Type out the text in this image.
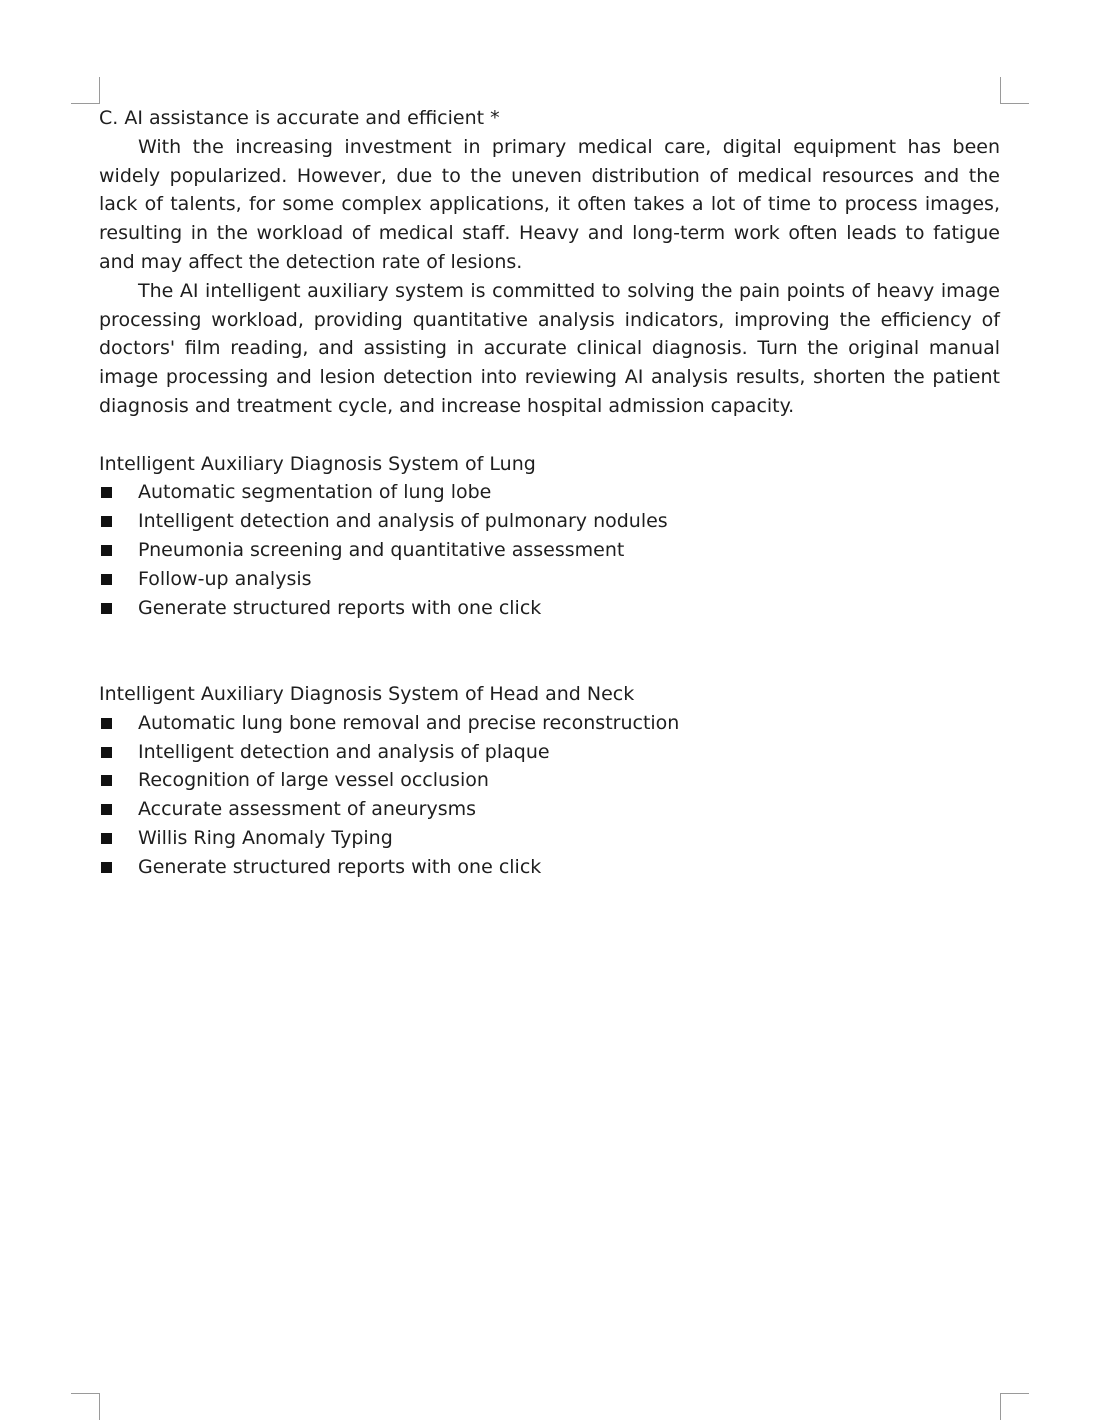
C. AI assistance is accurate and efficient *

With the increasing investment in primary medical care, digital equipment has been widely popularized. However, due to the uneven distribution of medical resources and the lack of talents, for some complex applications, it often takes a lot of time to process images, resulting in the workload of medical staff. Heavy and long-term work often leads to fatigue and may affect the detection rate of lesions.

The AI intelligent auxiliary system is committed to solving the pain points of heavy image processing workload, providing quantitative analysis indicators, improving the efficiency of doctors' film reading, and assisting in accurate clinical diagnosis. Turn the original manual image processing and lesion detection into reviewing AI analysis results, shorten the patient diagnosis and treatment cycle, and increase hospital admission capacity.

Intelligent Auxiliary Diagnosis System of Lung

Automatic segmentation of lung lobe
Intelligent detection and analysis of pulmonary nodules
Pneumonia screening and quantitative assessment
Follow-up analysis
Generate structured reports with one click

Intelligent Auxiliary Diagnosis System of Head and Neck

Automatic lung bone removal and precise reconstruction
Intelligent detection and analysis of plaque
Recognition of large vessel occlusion
Accurate assessment of aneurysms
Willis Ring Anomaly Typing
Generate structured reports with one click
